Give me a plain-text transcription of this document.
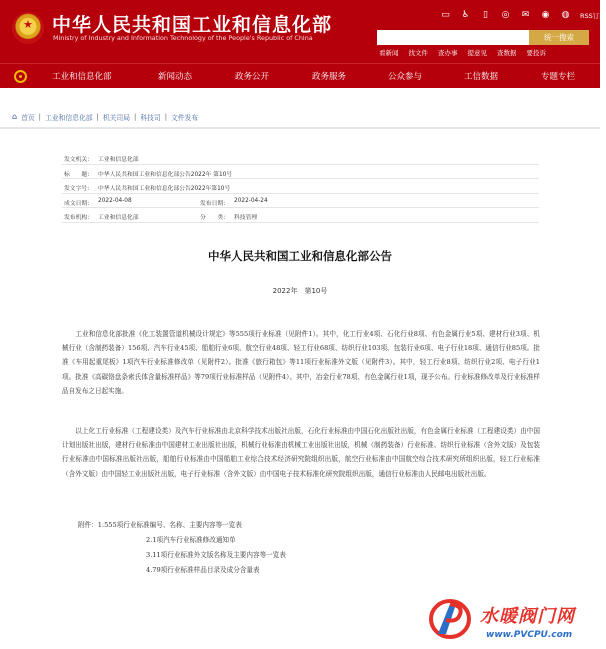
★ 中华人民共和国工业和信息化部
Ministry of Industry and Information Technology of the People's Republic of China
▭ ♿	▯	◎ ✉ ◉ ◍ RSS订阅
统一搜索
看新闻 找文件 查办事 提意见 查数据 要投诉
工业和信息化部	新闻动态	政务公开	政务服务	公众参与	工信数据	专题专栏
⌂ 首页 | 工业和信息化部 | 机关司局 | 科技司 | 文件发布
发文机关： 工业和信息化部
标　　题： 中华人民共和国工业和信息化部公告2022年 第10号
发文字号： 中华人民共和国工业和信息化部公告2022年第10号
成文日期： 2022-04-08	发布日期： 2022-04-24
发布机构： 工业和信息化部	分　　类： 科技管理
中华人民共和国工业和信息化部公告
2022年　第10号
　　工业和信息化部批准《化工装置管道机械设计规定》等555项行业标准（见附件1）。其中，化工行业4项、石化行业8项、有色金属行业5项、建材行业3项、机械行业（含制药装备）156项、汽车行业45项、船舶行业6项、航空行业48项、轻工行业68项、纺织行业103项、包装行业6项、电子行业18项、通信行业85项。批准《车用起重尾板》1项汽车行业标准修改单（见附件2）。批准《旅行箱包》等11项行业标准外文版（见附件3）。其中，轻工行业8项、纺织行业2项、电子行业1项。批准《高碳铬盘条索氏体含量标准样品》等79项行业标准样品（见附件4）。其中，冶金行业78项、有色金属行业1项，现予公布。行业标准修改单及行业标准样品自发布之日起实施。
　　以上化工行业标准（工程建设类）及汽车行业标准由北京科学技术出版社出版，石化行业标准由中国石化出版社出版，有色金属行业标准（工程建设类）由中国计划出版社出版，建材行业标准由中国建材工业出版社出版，机械行业标准由机械工业出版社出版，机械（制药装备）行业标准、纺织行业标准（含外文版）及包装行业标准由中国标准出版社出版，船舶行业标准由中国船舶工业综合技术经济研究院组织出版，航空行业标准由中国航空综合技术研究所组织出版，轻工行业标准（含外文版）由中国轻工业出版社出版，电子行业标准（含外文版）由中国电子技术标准化研究院组织出版，通信行业标准由人民邮电出版社出版。
附件：1.555项行业标准编号、名称、主要内容等一览表
2.1项汽车行业标准修改通知单
3.11项行业标准外文版名称及主要内容等一览表
4.79项行业标准样品目录及成分含量表
水暖阀门网
www.PVCPU.com
